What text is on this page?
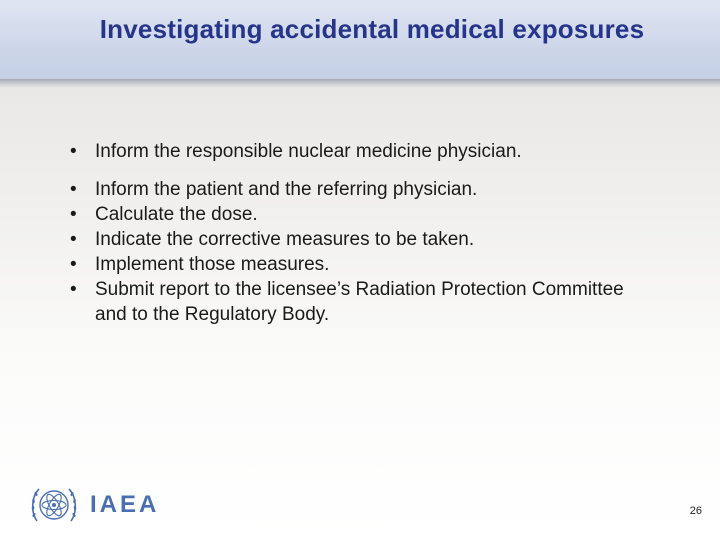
Investigating accidental medical exposures
• Inform the responsible nuclear medicine physician.
• Inform the patient and the referring physician.
• Calculate the dose.
• Indicate the corrective measures to be taken.
• Implement those measures.
• Submit report to the licensee’s Radiation Protection Committee and to the Regulatory Body.
IAEA	26
